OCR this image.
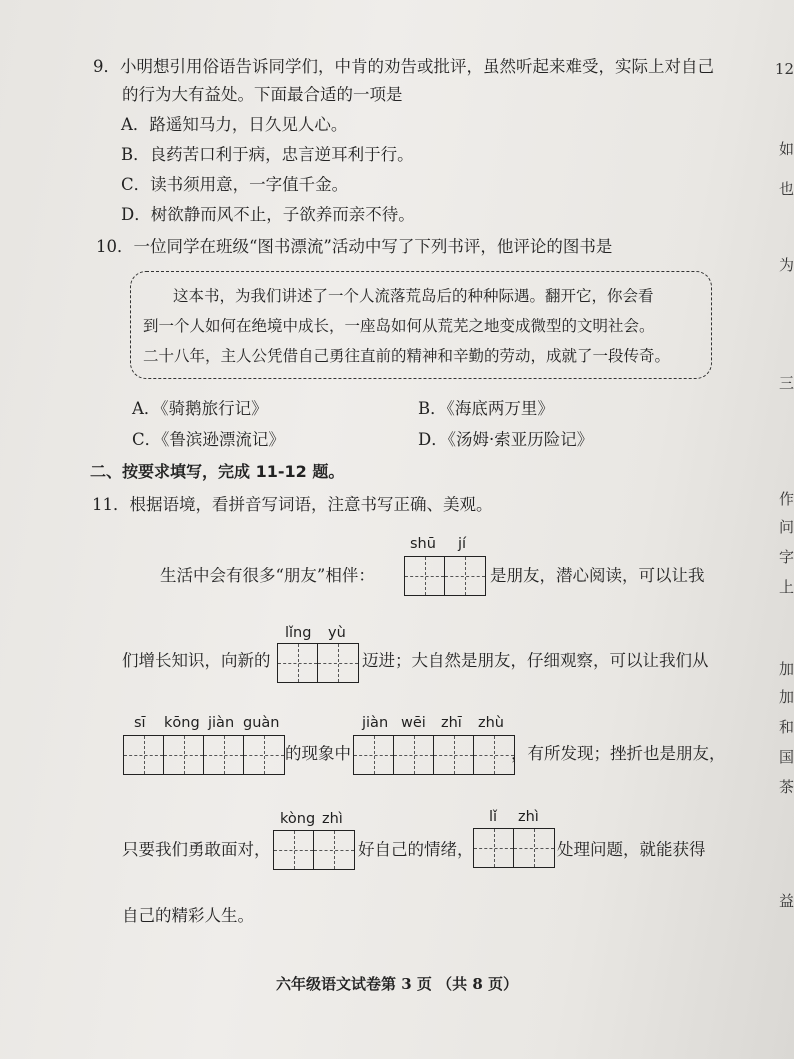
9．小明想引用俗语告诉同学们，中肯的劝告或批评，虽然听起来难受，实际上对自己
的行为大有益处。下面最合适的一项是
A．路遥知马力，日久见人心。
B．良药苦口利于病，忠言逆耳利于行。
C．读书须用意，一字值千金。
D．树欲静而风不止，子欲养而亲不待。
10．一位同学在班级“图书漂流”活动中写了下列书评，他评论的图书是
这本书，为我们讲述了一个人流落荒岛后的种种际遇。翻开它，你会看
到一个人如何在绝境中成长，一座岛如何从荒芜之地变成微型的文明社会。
二十八年，主人公凭借自己勇往直前的精神和辛勤的劳动，成就了一段传奇。
A．《骑鹅旅行记》	B．《海底两万里》
C．《鲁滨逊漂流记》	D．《汤姆·索亚历险记》
二、按要求填写，完成 11-12 题。
11．根据语境，看拼音写词语，注意书写正确、美观。
生活中会有很多“朋友”相伴：
shū jí
是朋友，潜心阅读，可以让我
们增长知识，向新的
lǐng yù
迈进；大自然是朋友，仔细观察，可以让我们从
sī kōng jiàn guàn
的现象中
jiàn wēi zhī zhù
，有所发现；挫折也是朋友，
只要我们勇敢面对，
kòng zhì
好自己的情绪，
lǐ zhì
处理问题，就能获得
自己的精彩人生。
12
如
也
为
三
作
问
字
上
加
加
和
国
茶
益
六年级语文试卷第 3 页 （共 8 页）
